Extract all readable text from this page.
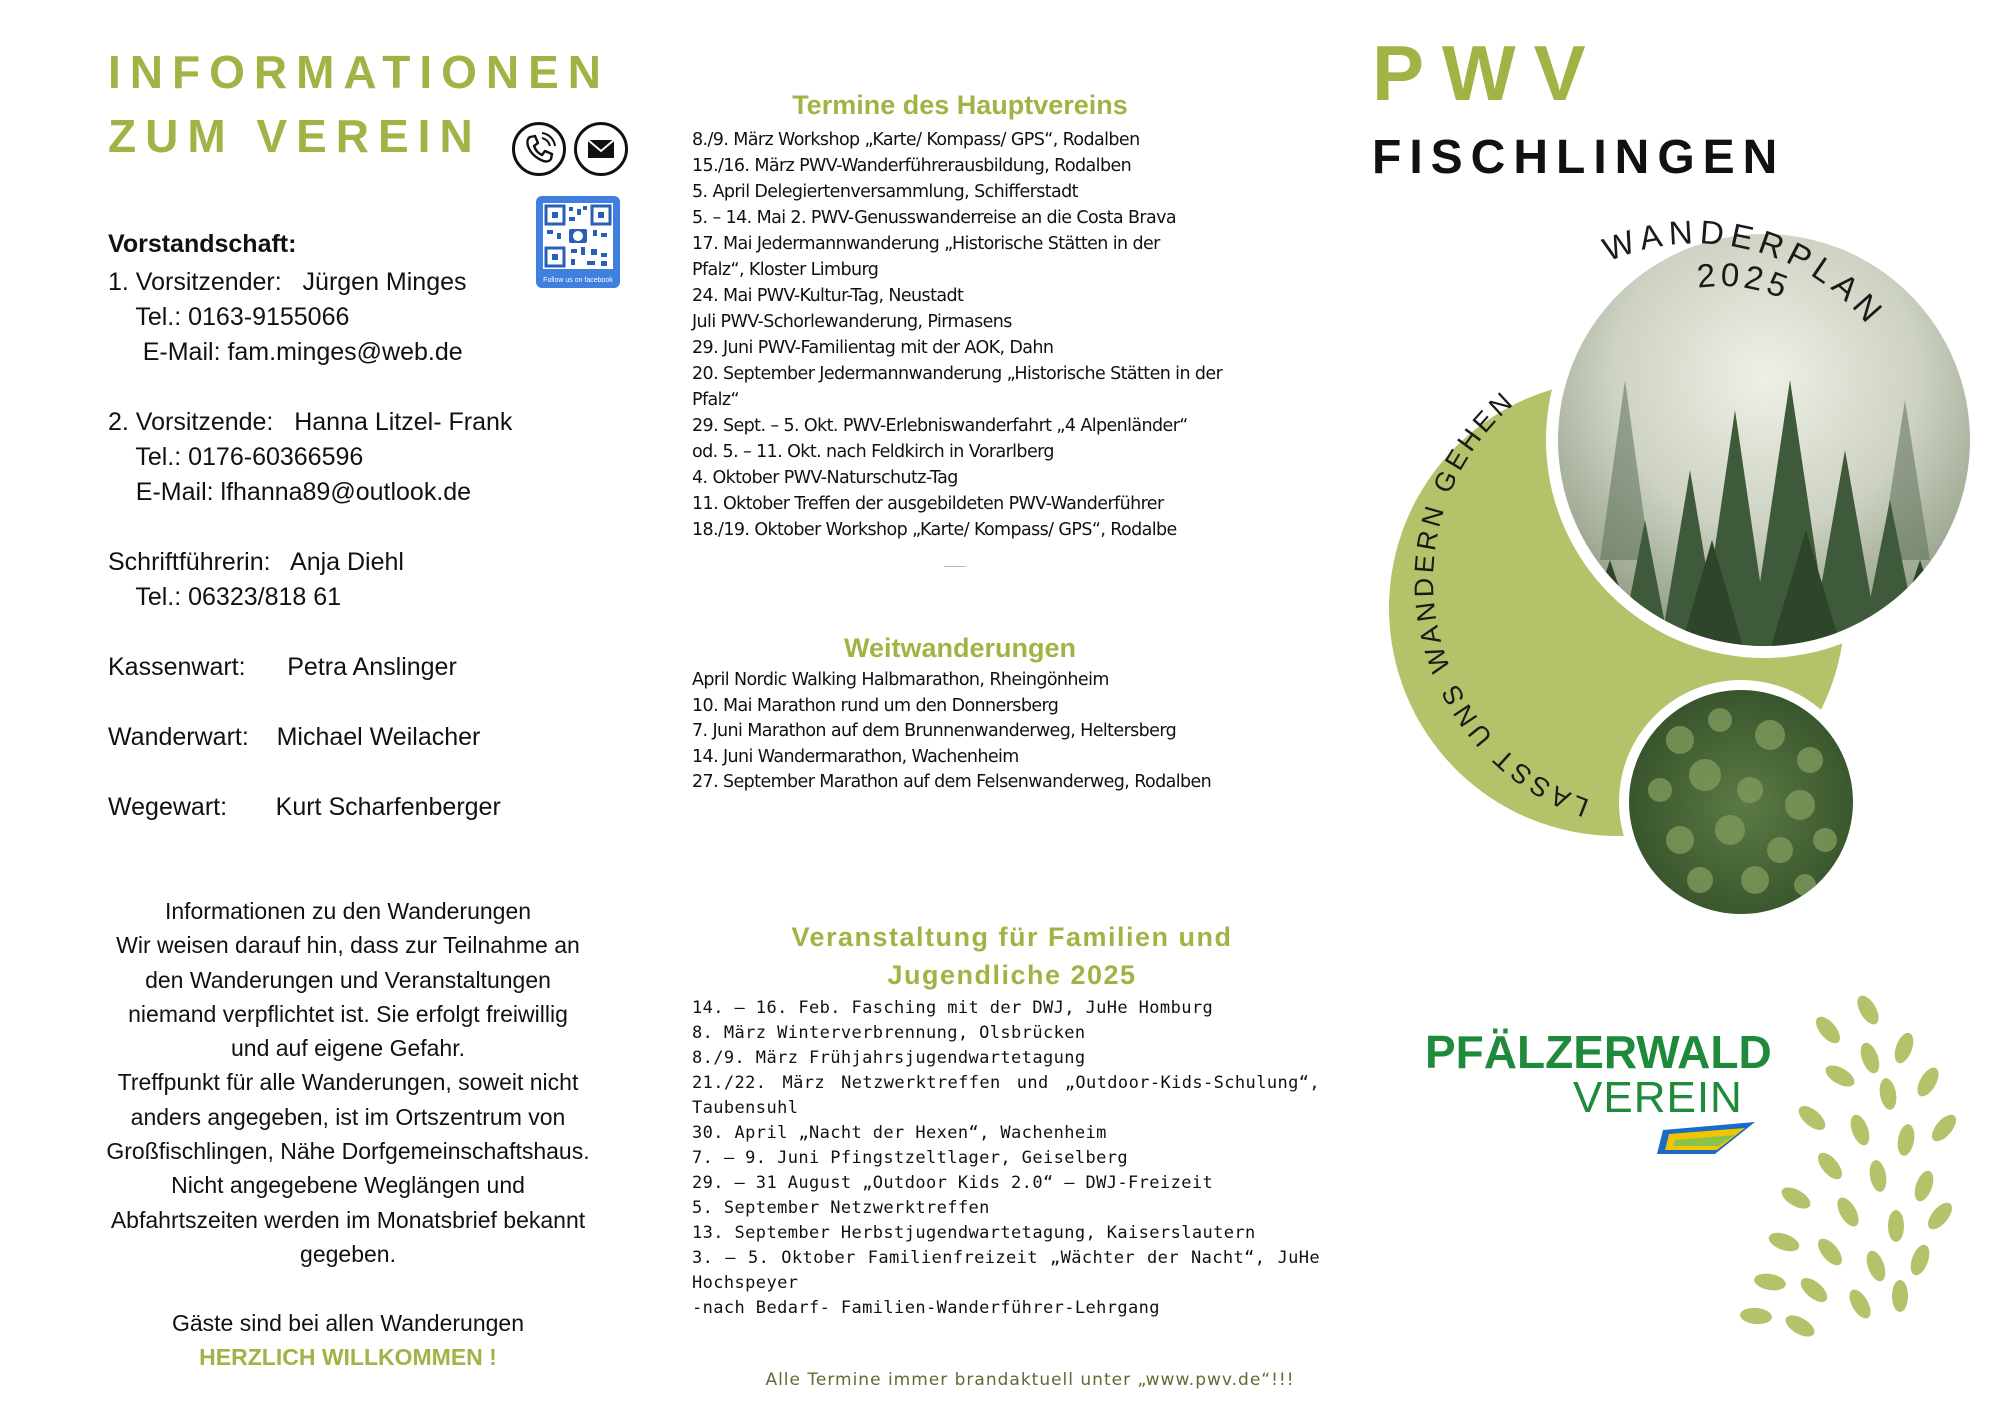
INFORMATIONEN
ZUM VEREIN
Follow us on facebook
Vorstandschaft:
1. Vorsitzender:   Jürgen Minges
Tel.: 0163-9155066
E-Mail: fam.minges@web.de

2. Vorsitzende:   Hanna Litzel- Frank
Tel.: 0176-60366596
E-Mail: lfhanna89@outlook.de

Schriftführerin:   Anja Diehl
Tel.: 06323/818 61

Kassenwart:      Petra Anslinger

Wanderwart:    Michael Weilacher

Wegewart:       Kurt Scharfenberger
Informationen zu den Wanderungen
Wir weisen darauf hin, dass zur Teilnahme an
den Wanderungen und Veranstaltungen
niemand verpflichtet ist. Sie erfolgt freiwillig
und auf eigene Gefahr.
Treffpunkt für alle Wanderungen, soweit nicht
anders angegeben, ist im Ortszentrum von
Großfischlingen, Nähe Dorfgemeinschaftshaus.
Nicht angegebene Weglängen und
Abfahrtszeiten werden im Monatsbrief bekannt
gegeben.

Gäste sind bei allen Wanderungen
HERZLICH WILLKOMMEN !
Termine des Hauptvereins
8./9. März Workshop „Karte/ Kompass/ GPS“, Rodalben
15./16. März PWV-Wanderführerausbildung, Rodalben
5. April Delegiertenversammlung, Schifferstadt
5. – 14. Mai 2. PWV-Genusswanderreise an die Costa Brava
17. Mai Jedermannwanderung „Historische Stätten in der
Pfalz“, Kloster Limburg
24. Mai PWV-Kultur-Tag, Neustadt
Juli PWV-Schorlewanderung, Pirmasens
29. Juni PWV-Familientag mit der AOK, Dahn
20. September Jedermannwanderung „Historische Stätten in der
Pfalz“
29. Sept. – 5. Okt. PWV-Erlebniswanderfahrt „4 Alpenländer“
od. 5. – 11. Okt. nach Feldkirch in Vorarlberg
4. Oktober PWV-Naturschutz-Tag
11. Oktober Treffen der ausgebildeten PWV-Wanderführer
18./19. Oktober Workshop „Karte/ Kompass/ GPS“, Rodalbe
Weitwanderungen
April Nordic Walking Halbmarathon, Rheingönheim
10. Mai Marathon rund um den Donnersberg
7. Juni Marathon auf dem Brunnenwanderweg, Heltersberg
14. Juni Wandermarathon, Wachenheim
27. September Marathon auf dem Felsenwanderweg, Rodalben
Veranstaltung für Familien und
Jugendliche 2025
14. – 16. Feb. Fasching mit der DWJ, JuHe Homburg
8. März Winterverbrennung, Olsbrücken
8./9. März Frühjahrsjugendwartetagung
21./22. März Netzwerktreffen und „Outdoor-Kids-Schulung“,
Taubensuhl
30. April „Nacht der Hexen“, Wachenheim
7. – 9. Juni Pfingstzeltlager, Geiselberg
29. – 31 August „Outdoor Kids 2.0“ – DWJ-Freizeit
5. September Netzwerktreffen
13. September Herbstjugendwartetagung, Kaiserslautern
3. – 5. Oktober Familienfreizeit „Wächter der Nacht“, JuHe
Hochspeyer
-nach Bedarf- Familien-Wanderführer-Lehrgang
Alle Termine immer brandaktuell unter „www.pwv.de“!!!
PWV
FISCHLINGEN
WANDERPLAN
2025
LASST UNS WANDERN GEHEN
PFÄLZERWALD
VEREIN
